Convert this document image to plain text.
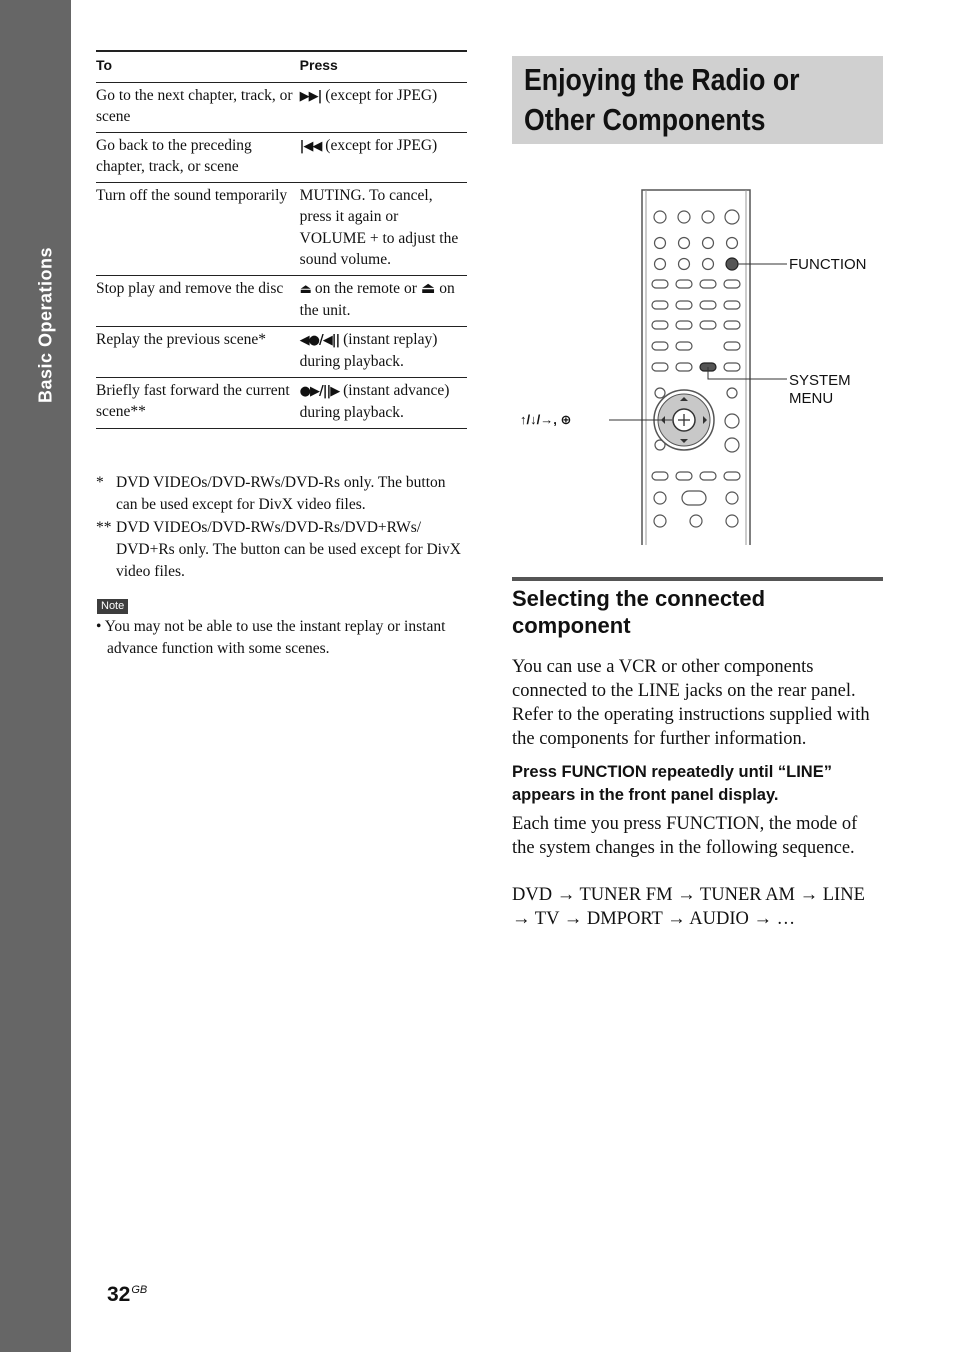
Basic Operations
To	Press
Go to the next chapter, track, or scene	▶▶| (except for JPEG)
Go back to the preceding chapter, track, or scene	|◀◀ (except for JPEG)
Turn off the sound temporarily	MUTING. To cancel, press it again or VOLUME + to adjust the sound volume.
Stop play and remove the disc	⏏ on the remote or ⏏ on the unit.
Replay the previous scene*	◀●/◀|| (instant replay) during playback.
Briefly fast forward the current scene**	●▶/||▶ (instant advance) during playback.
* DVD VIDEOs/DVD-RWs/DVD-Rs only. The button can be used except for DivX video files.
** DVD VIDEOs/DVD-RWs/DVD-Rs/DVD+RWs/ DVD+Rs only. The button can be used except for DivX video files.
Note
• You may not be able to use the instant replay or instant advance function with some scenes.
Enjoying the Radio or Other Components
FUNCTION
SYSTEM
MENU
↑/↓/→, ⊕
Selecting the connected component

You can use a VCR or other components connected to the LINE jacks on the rear panel. Refer to the operating instructions supplied with the components for further information.

Press FUNCTION repeatedly until “LINE” appears in the front panel display.

Each time you press FUNCTION, the mode of the system changes in the following sequence.

DVD → TUNER FM → TUNER AM → LINE → TV → DMPORT → AUDIO → …

$32^{GB}$
